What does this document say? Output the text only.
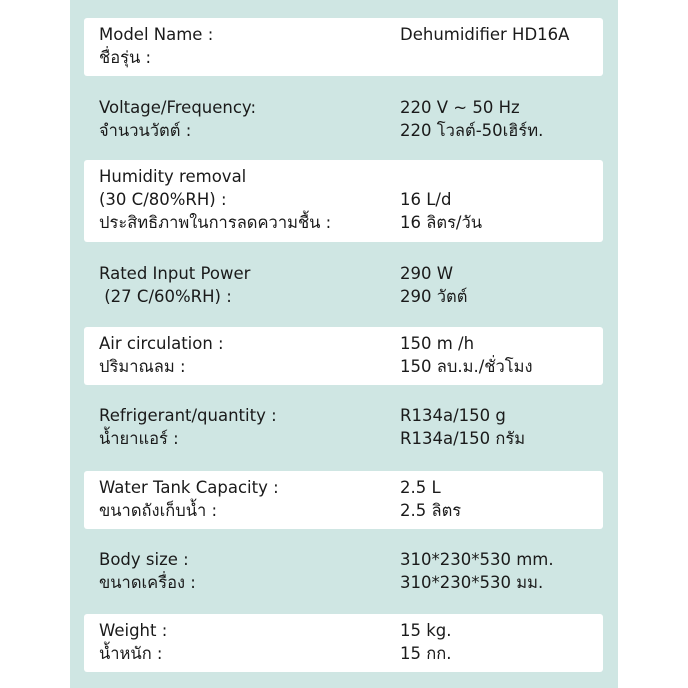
Model Name :
ชื่อรุ่น :
Dehumidifier HD16A
Voltage/Frequency:
จำนวนวัตต์ :
220 V ~ 50 Hz
220 โวลต์-50เฮิร์ท.
Humidity removal
(30 C/80%RH) :
ประสิทธิภาพในการลดความชื้น :

16 L/d
16 ลิตร/วัน
Rated Input Power
(27 C/60%RH) :
290 W
290 วัตต์
Air circulation :
ปริมาณลม :
150 m /h
150 ลบ.ม./ชั่วโมง
Refrigerant/quantity :
น้ำยาแอร์ :
R134a/150 g
R134a/150 กรัม
Water Tank Capacity :
ขนาดถังเก็บน้ำ :
2.5 L
2.5 ลิตร
Body size :
ขนาดเครื่อง :
310*230*530 mm.
310*230*530 มม.
Weight :
น้ำหนัก :
15 kg.
15 กก.
